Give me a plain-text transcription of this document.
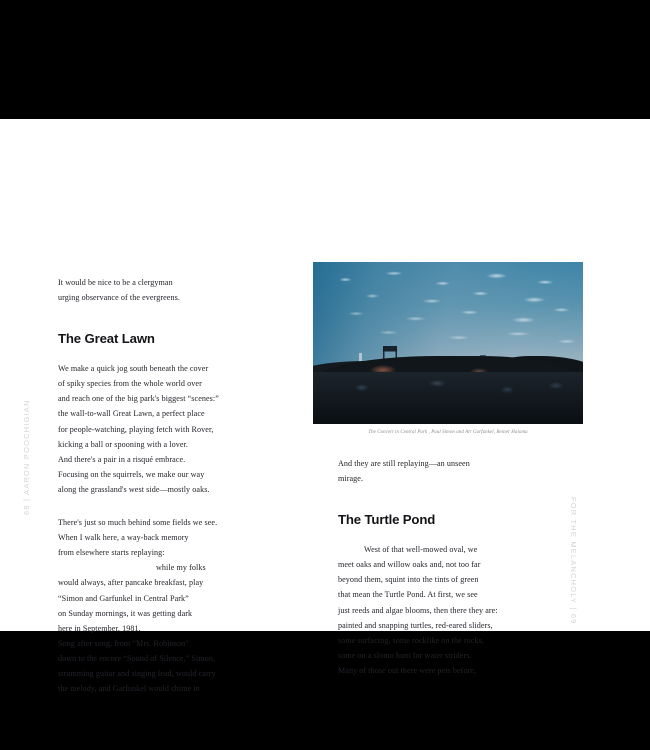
68 | AARON POOCHIGIAN
FOR THE MELANCHOLY | 69
It would be nice to be a clergyman
urging observance of the evergreens.
The Great Lawn
We make a quick jog south beneath the cover
of spiky species from the whole world over
and reach one of the big park's biggest “scenes:”
the wall-to-wall Great Lawn, a perfect place
for people-watching, playing fetch with Rover,
kicking a ball or spooning with a lover.
And there's a pair in a risqué embrace.
Focusing on the squirrels, we make our way
along the grassland's west side—mostly oaks.
There's just so much behind some fields we see.
When I walk here, a way-back memory
from elsewhere starts replaying:
while my folks
would always, after pancake breakfast, play
“Simon and Garfunkel in Central Park”
on Sunday mornings, it was getting dark
here in September, 1981.
Song after song, from “Mrs. Robinson”
down to the encore “Sound of Silence,” Simon,
strumming guitar and singing lead, would carry
the melody, and Garfunkel would chime in
The Concert in Central Park , Paul Simon and Art Garfunkel, Reiner Halama
And they are still replaying—an unseen
mirage.
The Turtle Pond
West of that well-mowed oval, we
meet oaks and willow oaks and, not too far
beyond them, squint into the tints of green
that mean the Turtle Pond. At first, we see
just reeds and algae blooms, then there they are:
painted and snapping turtles, red-eared sliders,
some surfacing, some rocklike on the rocks,
some on a slomo hunt for water striders.
Many of those out there were pets before,
